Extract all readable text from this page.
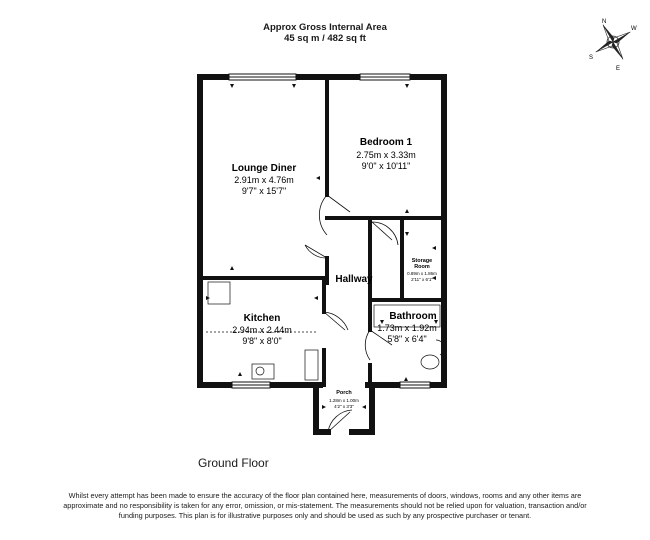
Approx Gross Internal Area
45 sq m / 482 sq ft
N
W
S
E
Lounge Diner
2.91m x 4.76m
9'7" x 15'7"
Bedroom 1
2.75m x 3.33m
9'0" x 10'11"
Kitchen
2.94m x 2.44m
9'8" x 8'0"
Hallway
Storage
Room
0.89m x 1.86m
2'11" x 6'1"
Bathroom
1.73m x 1.92m
5'8" x 6'4"
Porch
1.28m x 1.00m
4'2" x 3'3"
Ground Floor
Whilst every attempt has been made to ensure the accuracy of the floor plan contained here, measurements of doors, windows, rooms and any other items are approximate and no responsibility is taken for any error, omission, or mis-statement. The measurements should not be relied upon for valuation, transaction and/or funding purposes. This plan is for illustrative purposes only and should be used as such by any prospective purchaser or tenant.
